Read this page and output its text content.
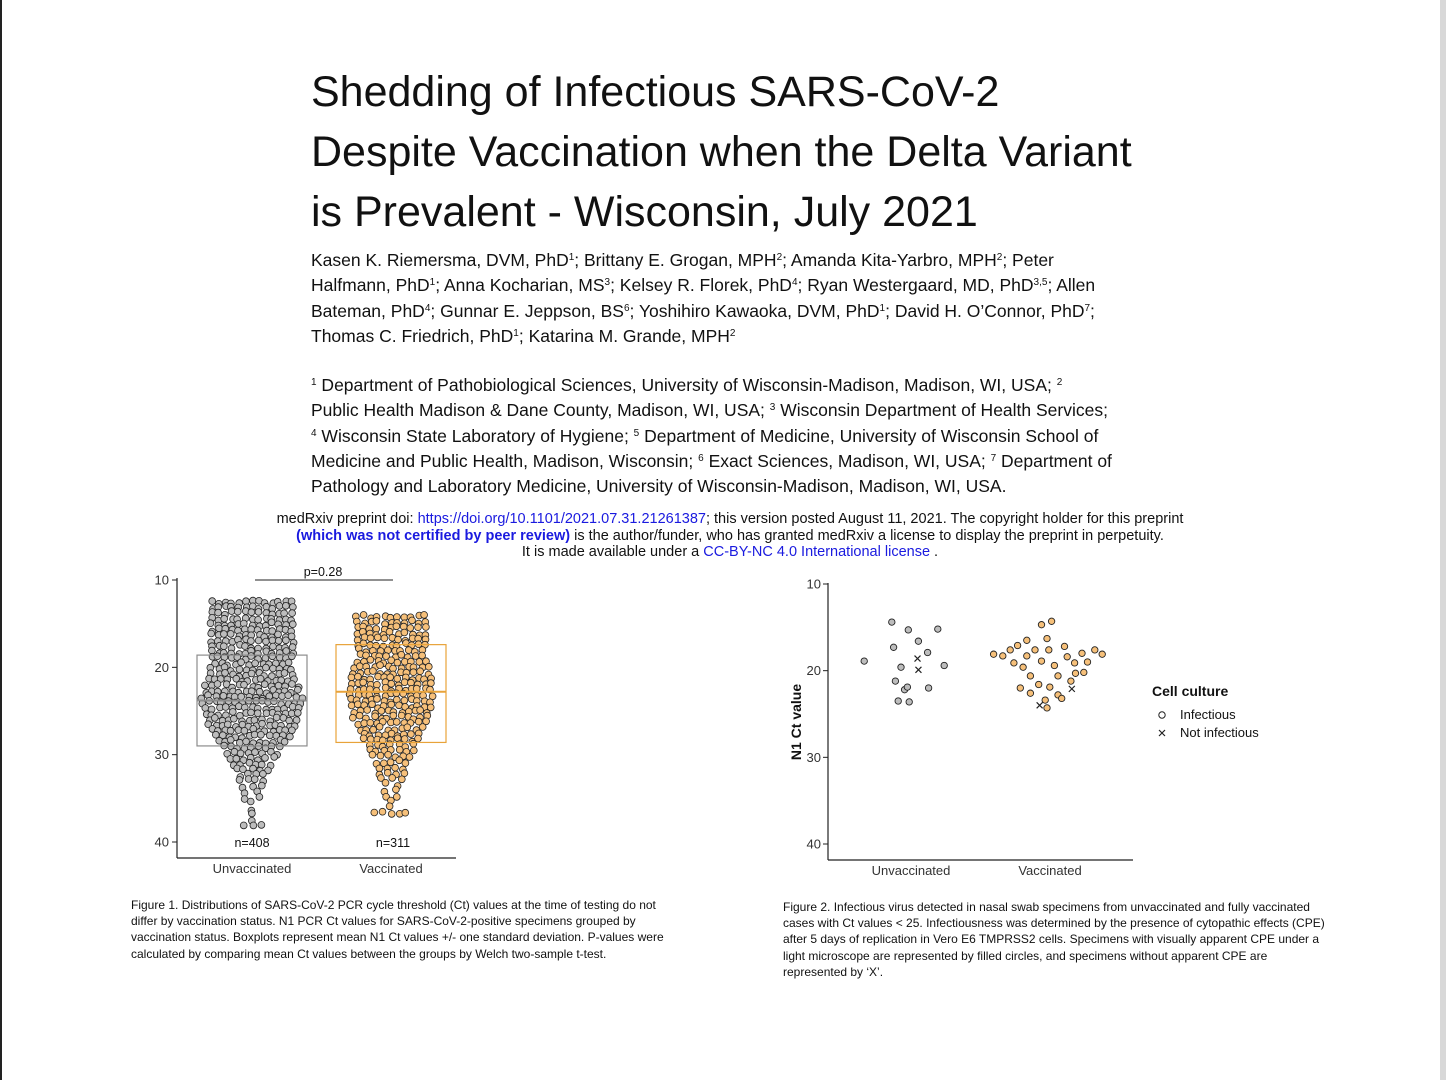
Shedding of Infectious SARS-CoV-2
Despite Vaccination when the Delta Variant
is Prevalent - Wisconsin, July 2021
Kasen K. Riemersma, DVM, PhD$^1$; Brittany E. Grogan, MPH$^2$; Amanda Kita-Yarbro, MPH$^2$; Peter
Halfmann, PhD$^1$; Anna Kocharian, $MS^3$; Kelsey R. Florek, PhD$^4$; Ryan Westergaard, MD, PhD$^{3,5}$; Allen
Bateman, PhD$^4$; Gunnar E. Jeppson, $BS^6$; Yoshihiro Kawaoka, DVM, PhD$^1$; David H. O’Connor, PhD$^7$;
Thomas C. Friedrich, PhD$^1$; Katarina M. Grande, MPH$^2$
$^1$ Department of Pathobiological Sciences, University of Wisconsin-Madison, Madison, WI, USA; $^2$
Public Health Madison & Dane County, Madison, WI, USA; $^3$ Wisconsin Department of Health Services;
$^4$ Wisconsin State Laboratory of Hygiene; $^5$ Department of Medicine, University of Wisconsin School of
Medicine and Public Health, Madison, Wisconsin; $^6$ Exact Sciences, Madison, WI, USA; $^7$ Department of
Pathology and Laboratory Medicine, University of Wisconsin-Madison, Madison, WI, USA.
medRxiv preprint doi: https://doi.org/10.1101/2021.07.31.21261387; this version posted August 11, 2021. The copyright holder for this preprint
(which was not certified by peer review) is the author/funder, who has granted medRxiv a license to display the preprint in perpetuity.
It is made available under a CC-BY-NC 4.0 International license .
10
20
30
40
p=0.28
n=408	n=311
Unvaccinated	Vaccinated
10
20
30
40
Unvaccinated	Vaccinated
N1 Ct value	Cell culture
Infectious
Not infectious
Figure 1. Distributions of SARS-CoV-2 PCR cycle threshold (Ct) values at the time of testing do not
differ by vaccination status. N1 PCR Ct values for SARS-CoV-2-positive specimens grouped by
vaccination status. Boxplots represent mean N1 Ct values +/- one standard deviation. P-values were
calculated by comparing mean Ct values between the groups by Welch two-sample t-test.
Figure 2. Infectious virus detected in nasal swab specimens from unvaccinated and fully vaccinated
cases with Ct values < 25. Infectiousness was determined by the presence of cytopathic effects (CPE)
after 5 days of replication in Vero E6 TMPRSS2 cells. Specimens with visually apparent CPE under a
light microscope are represented by filled circles, and specimens without apparent CPE are
represented by ‘X’.
